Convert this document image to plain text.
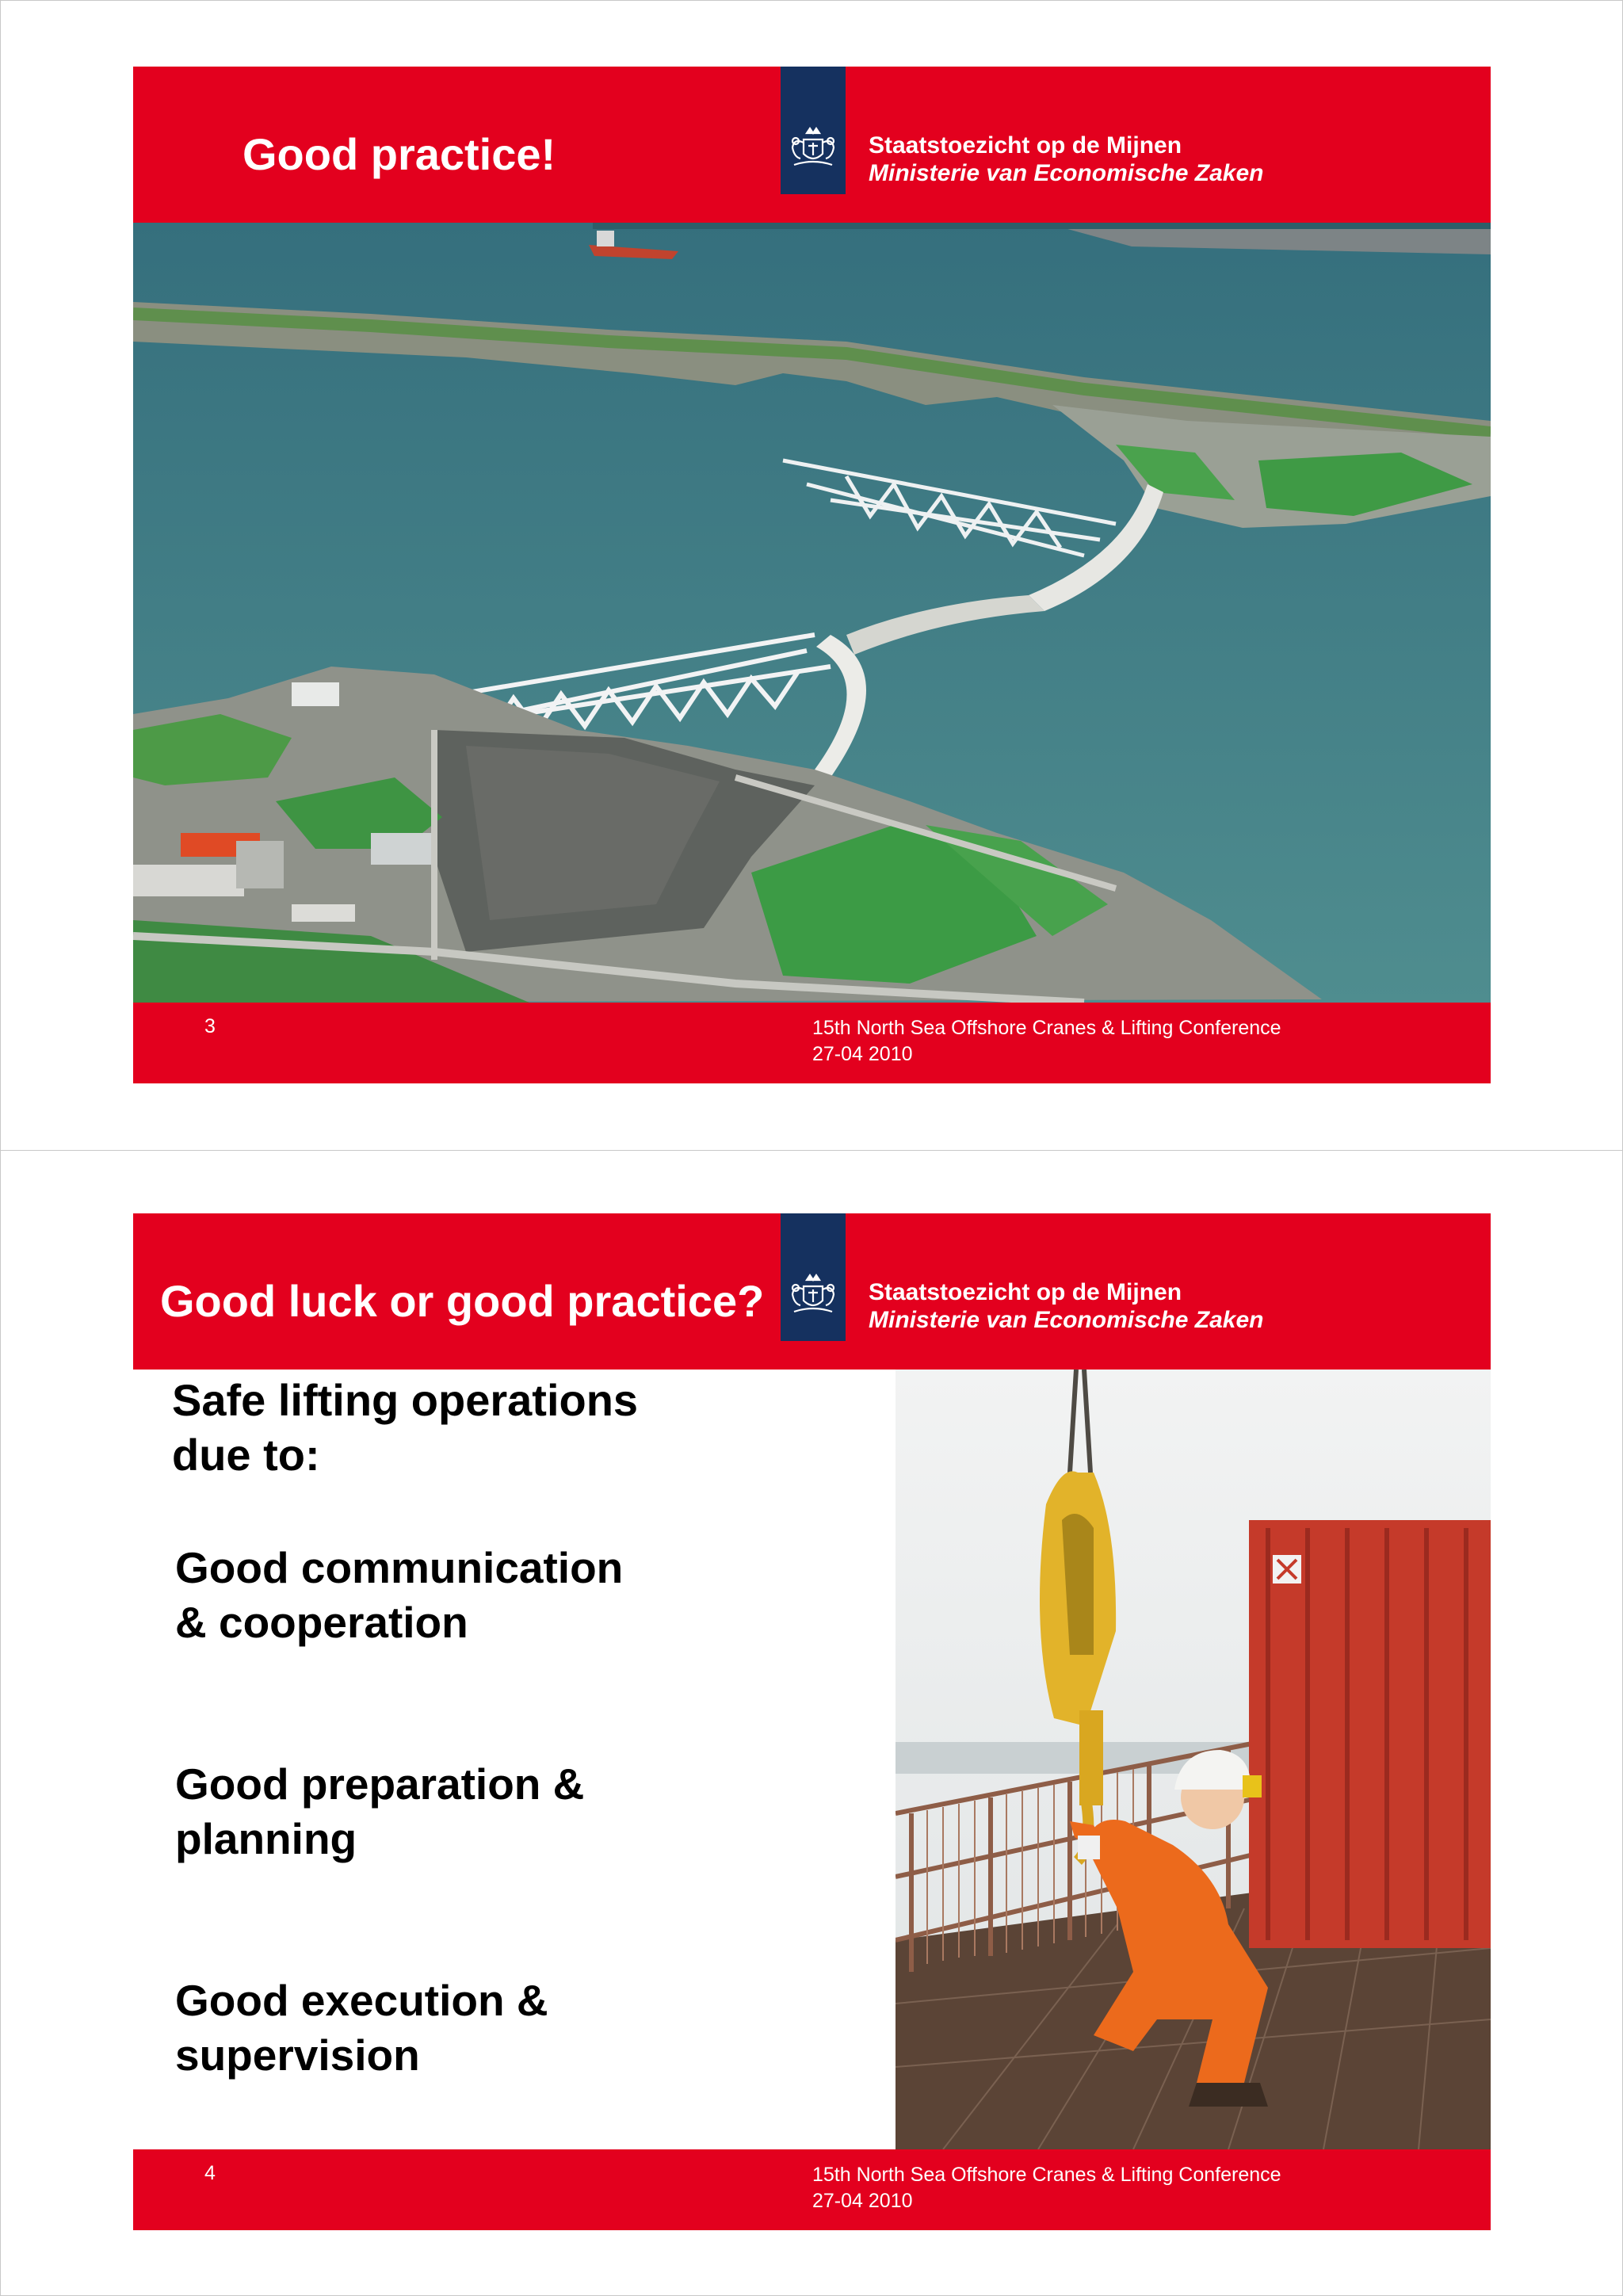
Good practice!	Staatstoezicht op de Mijnen
Ministerie van Economische Zaken
3	15th North Sea Offshore Cranes & Lifting Conference
27-04 2010
Good luck or good practice?	Staatstoezicht op de Mijnen
Ministerie van Economische Zaken

Safe lifting operations
due to:

Good communication
& cooperation

Good preparation &
planning

Good execution &
supervision

4	15th North Sea Offshore Cranes & Lifting Conference
27-04 2010
